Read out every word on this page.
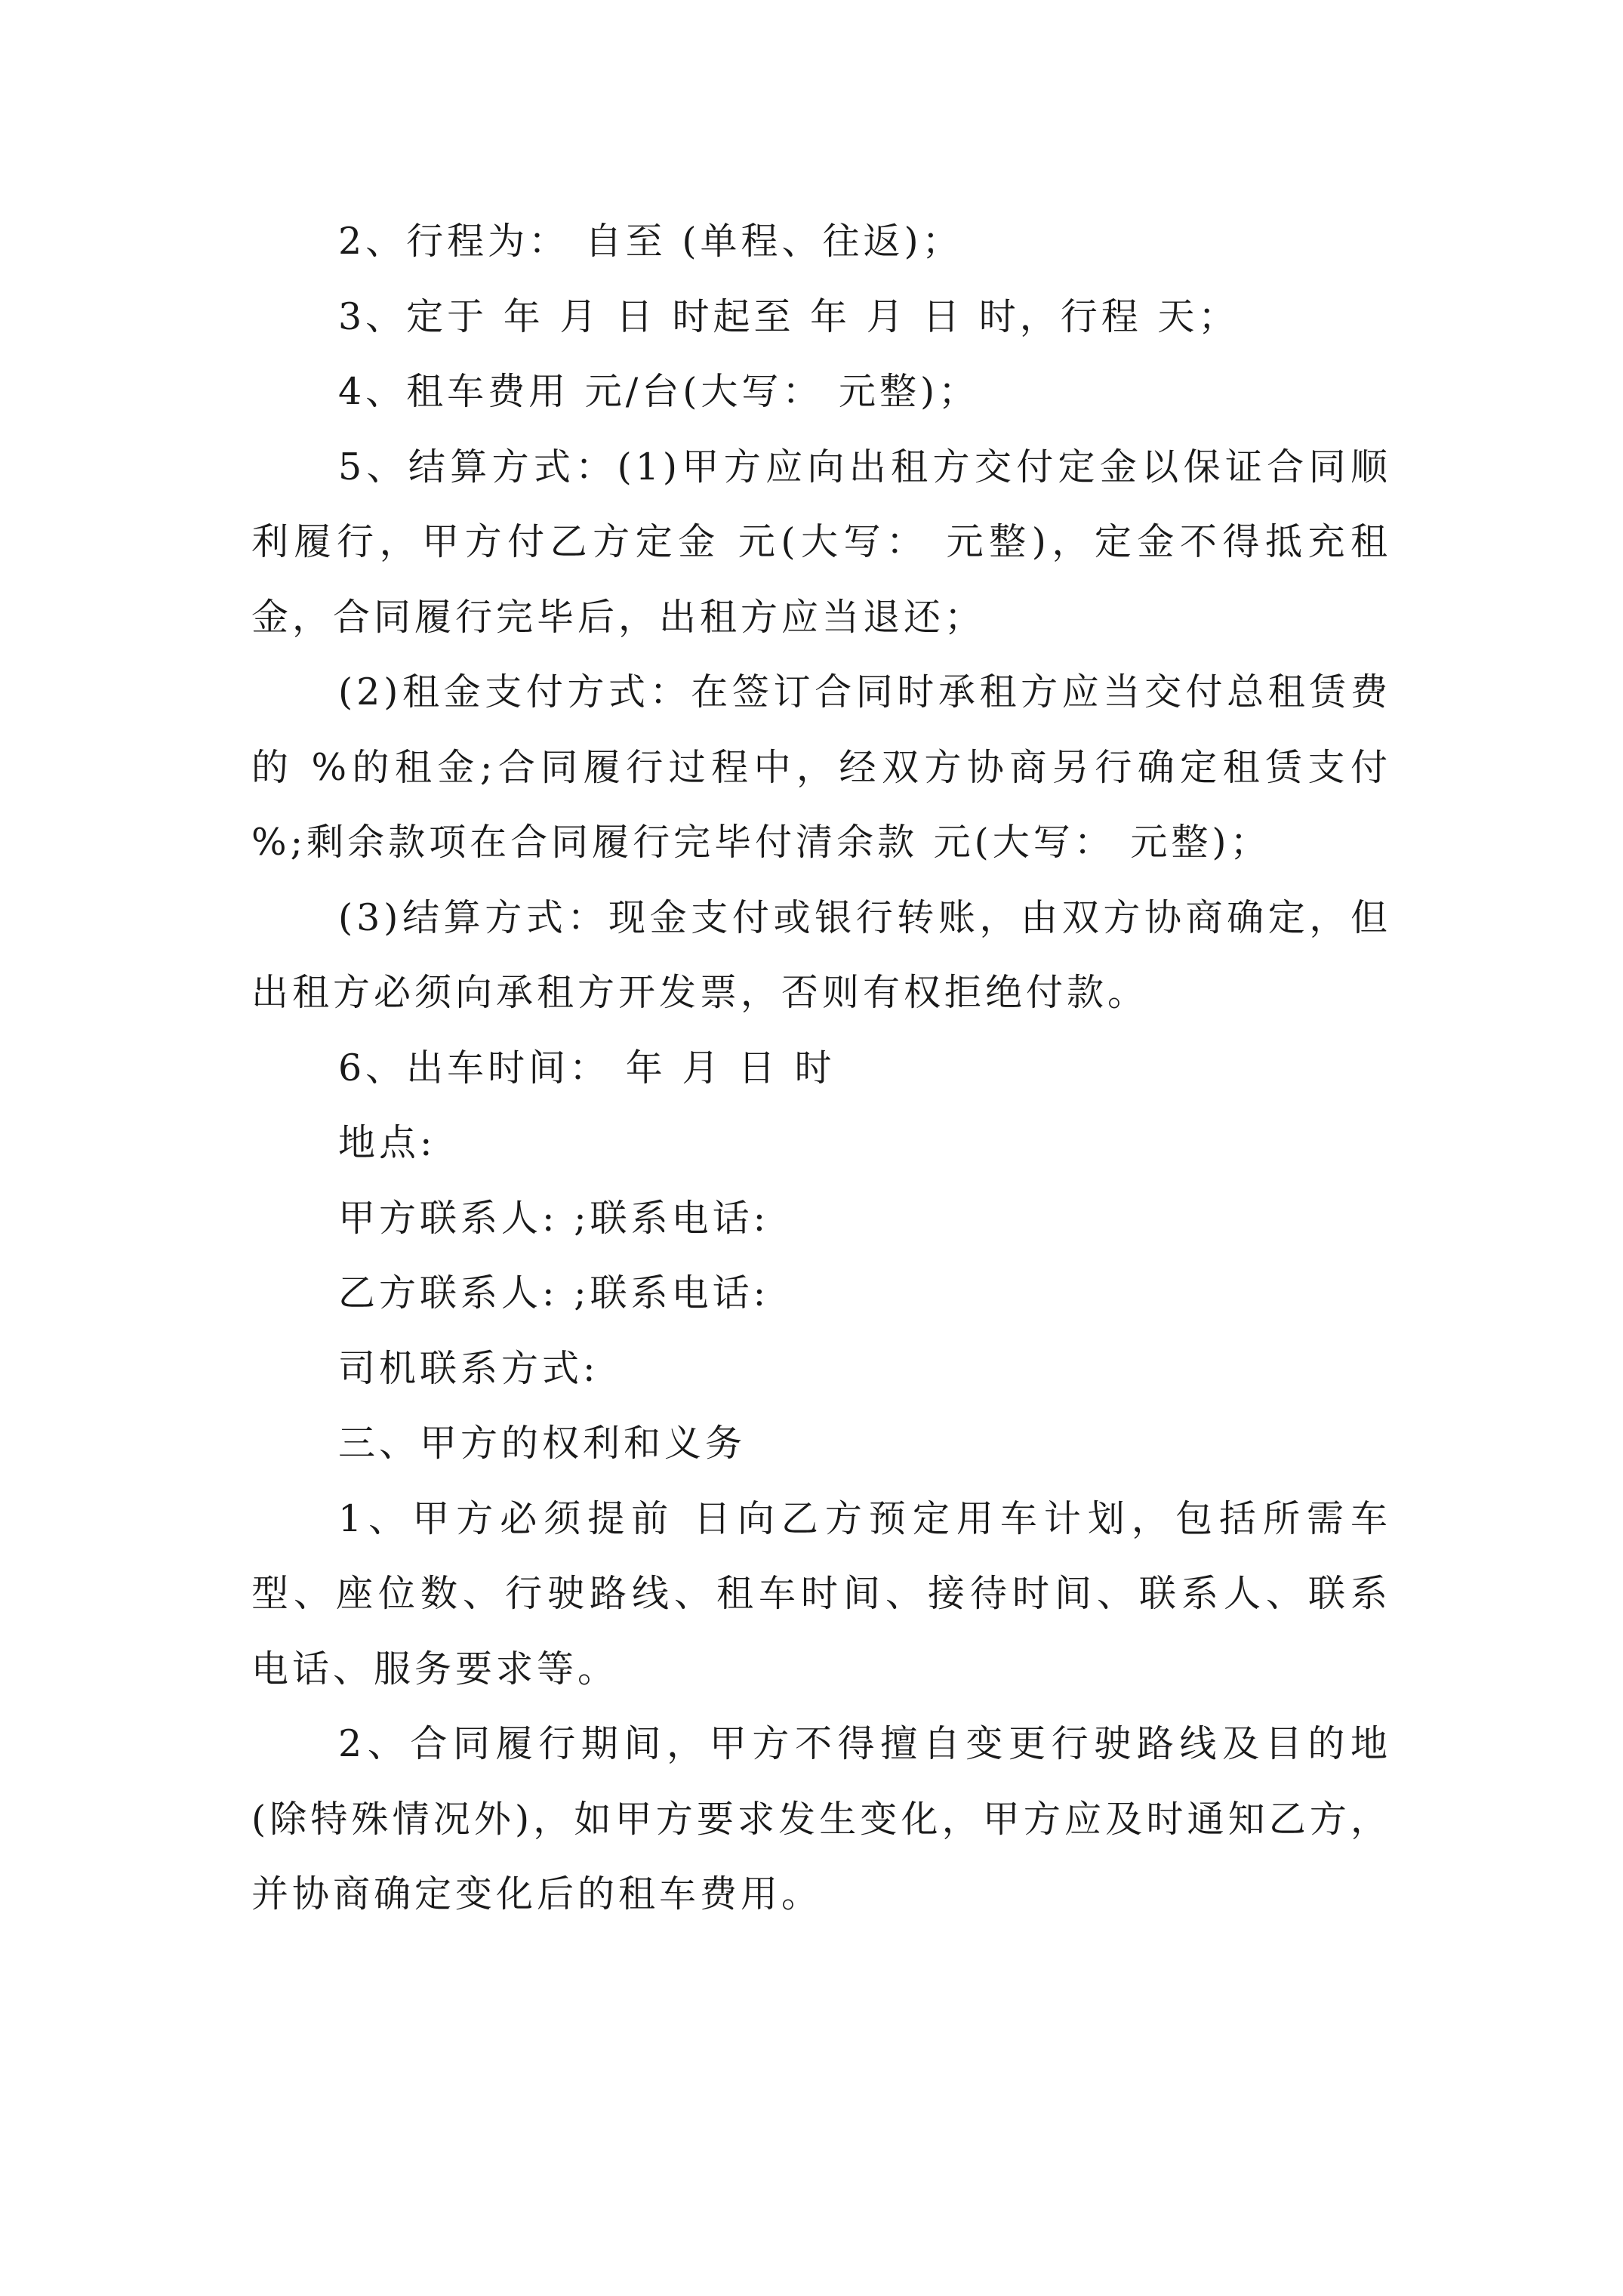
2、行程为： 自至 (单程、往返)；

3、定于 年 月 日 时起至 年 月 日 时，行程 天；

4、租车费用 元/台(大写： 元整)；

5、结算方式：(1)甲方应向出租方交付定金以保证合同顺利履行，甲方付乙方定金 元(大写： 元整)，定金不得抵充租金，合同履行完毕后，出租方应当退还；

(2)租金支付方式：在签订合同时承租方应当交付总租赁费的 %的租金;合同履行过程中，经双方协商另行确定租赁支付 %;剩余款项在合同履行完毕付清余款 元(大写： 元整)；

(3)结算方式：现金支付或银行转账，由双方协商确定，但出租方必须向承租方开发票，否则有权拒绝付款。

6、出车时间： 年 月 日 时

地点:

甲方联系人: ;联系电话:

乙方联系人: ;联系电话:

司机联系方式:

三、甲方的权利和义务

1、甲方必须提前 日向乙方预定用车计划，包括所需车型、座位数、行驶路线、租车时间、接待时间、联系人、联系电话、服务要求等。

2、合同履行期间，甲方不得擅自变更行驶路线及目的地(除特殊情况外)，如甲方要求发生变化，甲方应及时通知乙方，并协商确定变化后的租车费用。
